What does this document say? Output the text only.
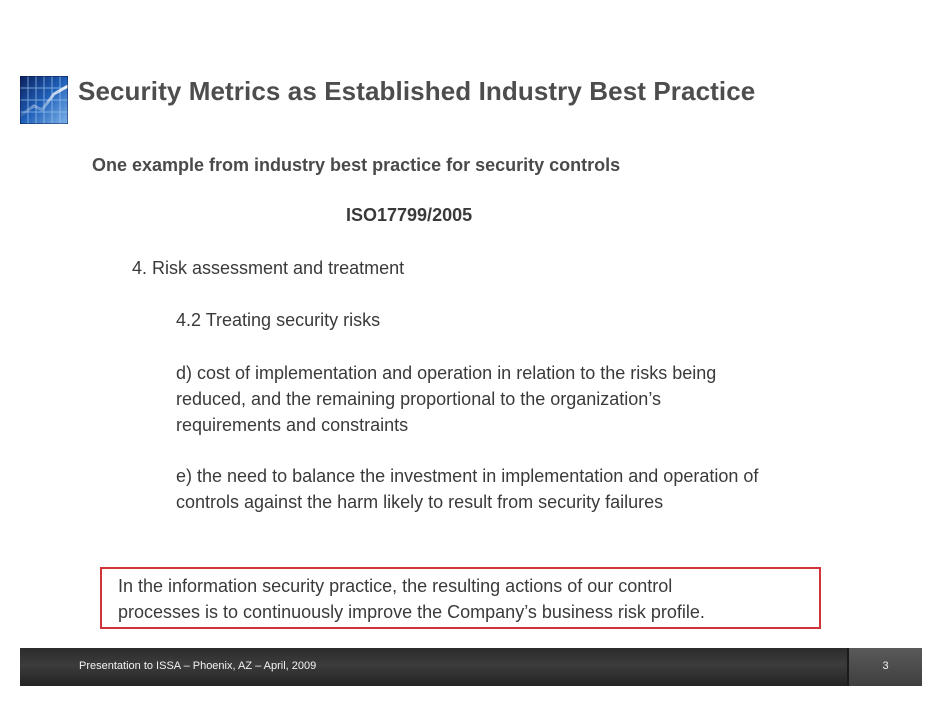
Security Metrics as Established Industry Best Practice
One example from industry best practice for security controls
ISO17799/2005
4. Risk assessment and treatment
4.2 Treating security risks
d) cost of implementation and operation in relation to the risks being
reduced, and the remaining proportional to the organization’s
requirements and constraints
e) the need to balance the investment in implementation and operation of
controls against the harm likely to result from security failures
In the information security practice, the resulting actions of our control
processes is to continuously improve the Company’s business risk profile.
Presentation to ISSA – Phoenix, AZ – April, 2009	3
